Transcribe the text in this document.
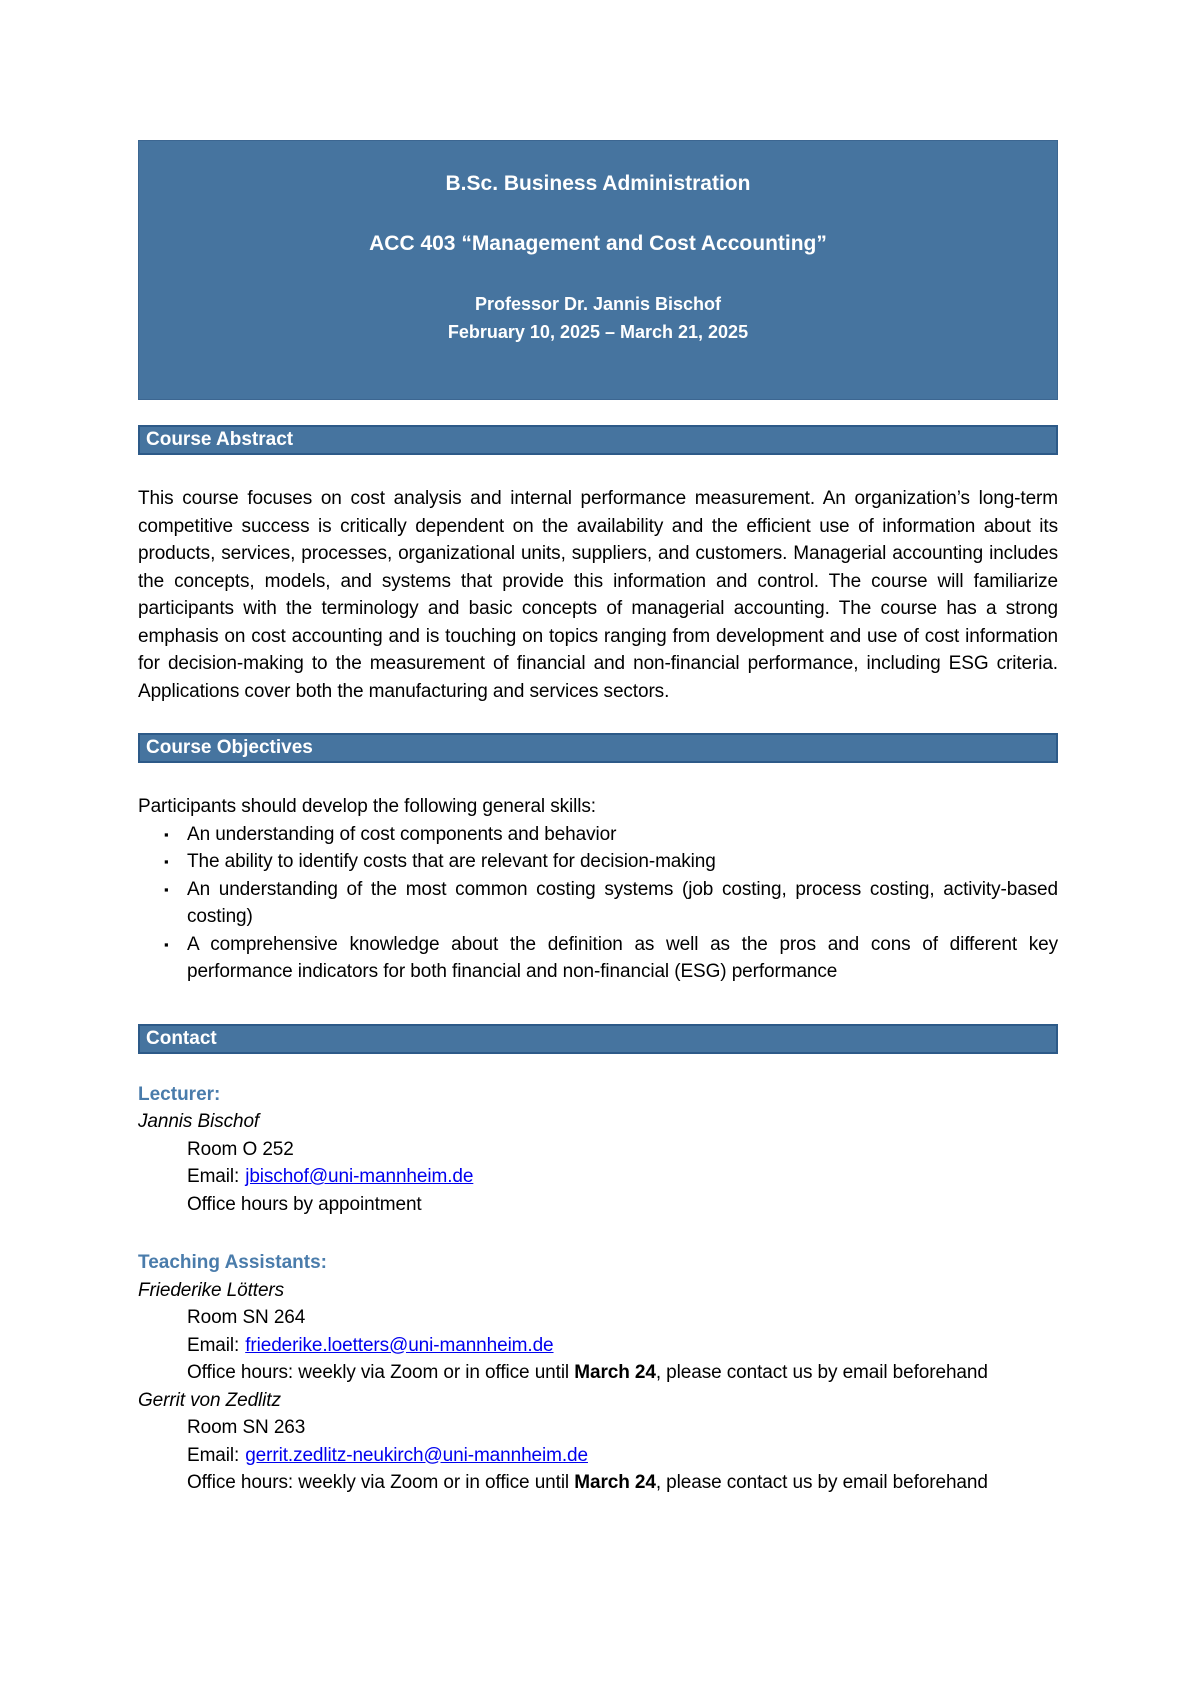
B.Sc. Business Administration
ACC 403 “Management and Cost Accounting”
Professor Dr. Jannis Bischof
February 10, 2025 – March 21, 2025
Course Abstract

This course focuses on cost analysis and internal performance measurement. An organization’s long-term competitive success is critically dependent on the availability and the efficient use of information about its products, services, processes, organizational units, suppliers, and customers. Managerial accounting includes the concepts, models, and systems that provide this information and control. The course will familiarize participants with the terminology and basic concepts of managerial accounting. The course has a strong emphasis on cost accounting and is touching on topics ranging from development and use of cost information for decision-making to the measurement of financial and non-financial performance, including ESG criteria. Applications cover both the manufacturing and services sectors.

Course Objectives

Participants should develop the following general skills:

▪ An understanding of cost components and behavior
▪ The ability to identify costs that are relevant for decision-making
▪ An understanding of the most common costing systems (job costing, process costing, activity-based costing)
▪ A comprehensive knowledge about the definition as well as the pros and cons of different key performance indicators for both financial and non-financial (ESG) performance
Contact
Lecturer:
Jannis Bischof
Room O 252
Email: jbischof@uni-mannheim.de
Office hours by appointment
Teaching Assistants:
Friederike Lötters
Room SN 264
Email: friederike.loetters@uni-mannheim.de
Office hours: weekly via Zoom or in office until March 24, please contact us by email beforehand
Gerrit von Zedlitz
Room SN 263
Email: gerrit.zedlitz-neukirch@uni-mannheim.de
Office hours: weekly via Zoom or in office until March 24, please contact us by email beforehand
